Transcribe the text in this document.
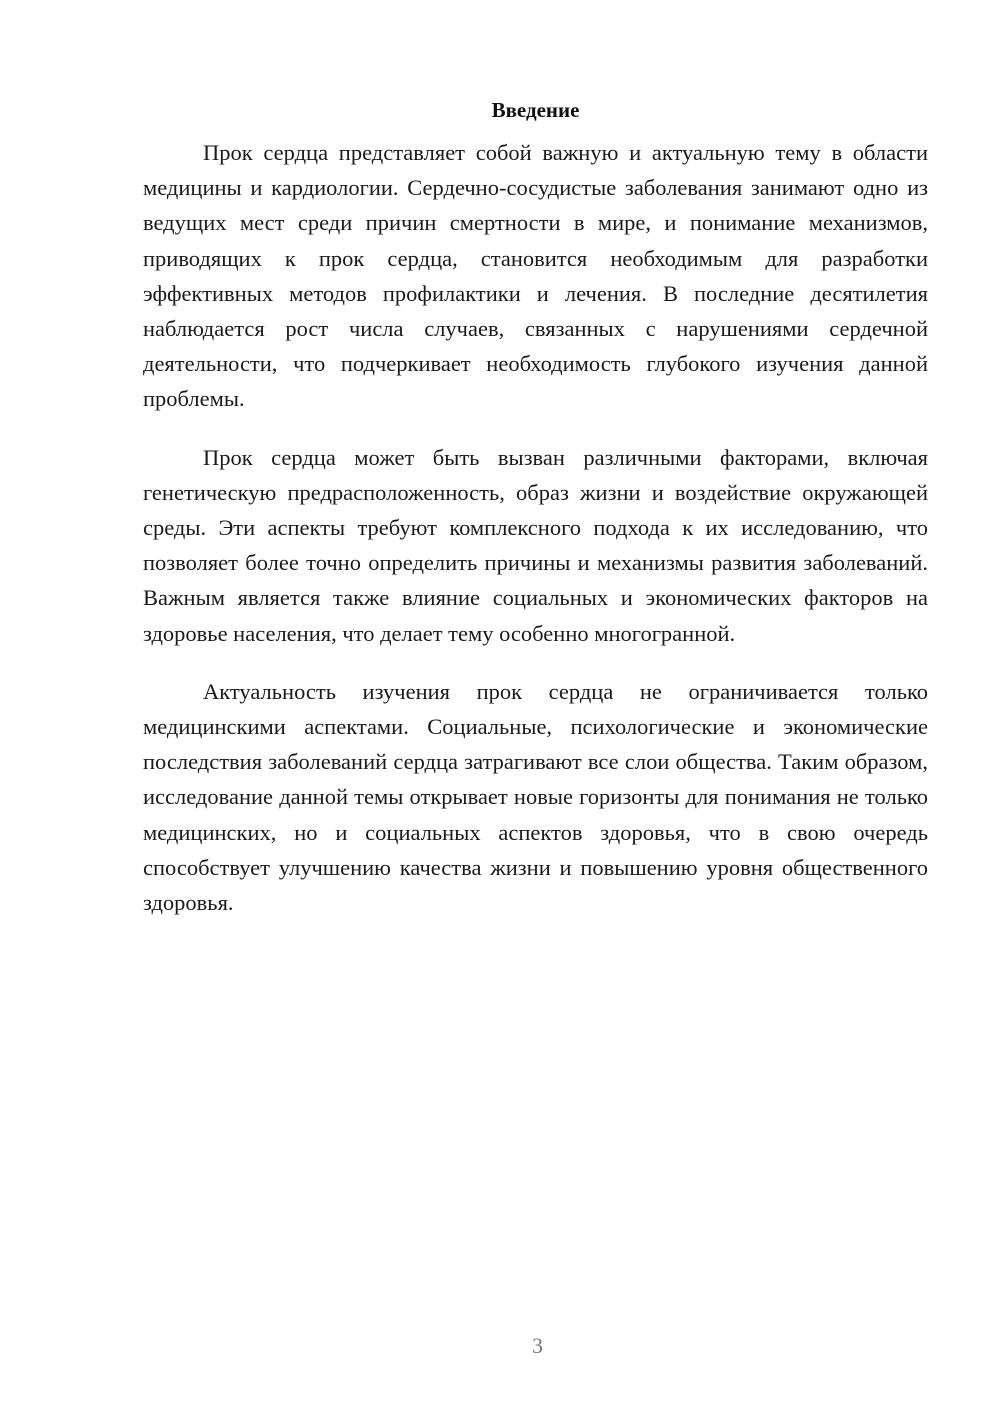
Введение

Прок сердца представляет собой важную и актуальную тему в области медицины и кардиологии. Сердечно-сосудистые заболевания занимают одно из ведущих мест среди причин смертности в мире, и понимание механизмов, приводящих к прок сердца, становится необходимым для разработки эффективных методов профилактики и лечения. В последние десятилетия наблюдается рост числа случаев, связанных с нарушениями сердечной деятельности, что подчеркивает необходимость глубокого изучения данной проблемы.

Прок сердца может быть вызван различными факторами, включая генетическую предрасположенность, образ жизни и воздействие окружающей среды. Эти аспекты требуют комплексного подхода к их исследованию, что позволяет более точно определить причины и механизмы развития заболеваний. Важным является также влияние социальных и экономических факторов на здоровье населения, что делает тему особенно многогранной.

Актуальность изучения прок сердца не ограничивается только медицинскими аспектами. Социальные, психологические и экономические последствия заболеваний сердца затрагивают все слои общества. Таким образом, исследование данной темы открывает новые горизонты для понимания не только медицинских, но и социальных аспектов здоровья, что в свою очередь способствует улучшению качества жизни и повышению уровня общественного здоровья.

3
